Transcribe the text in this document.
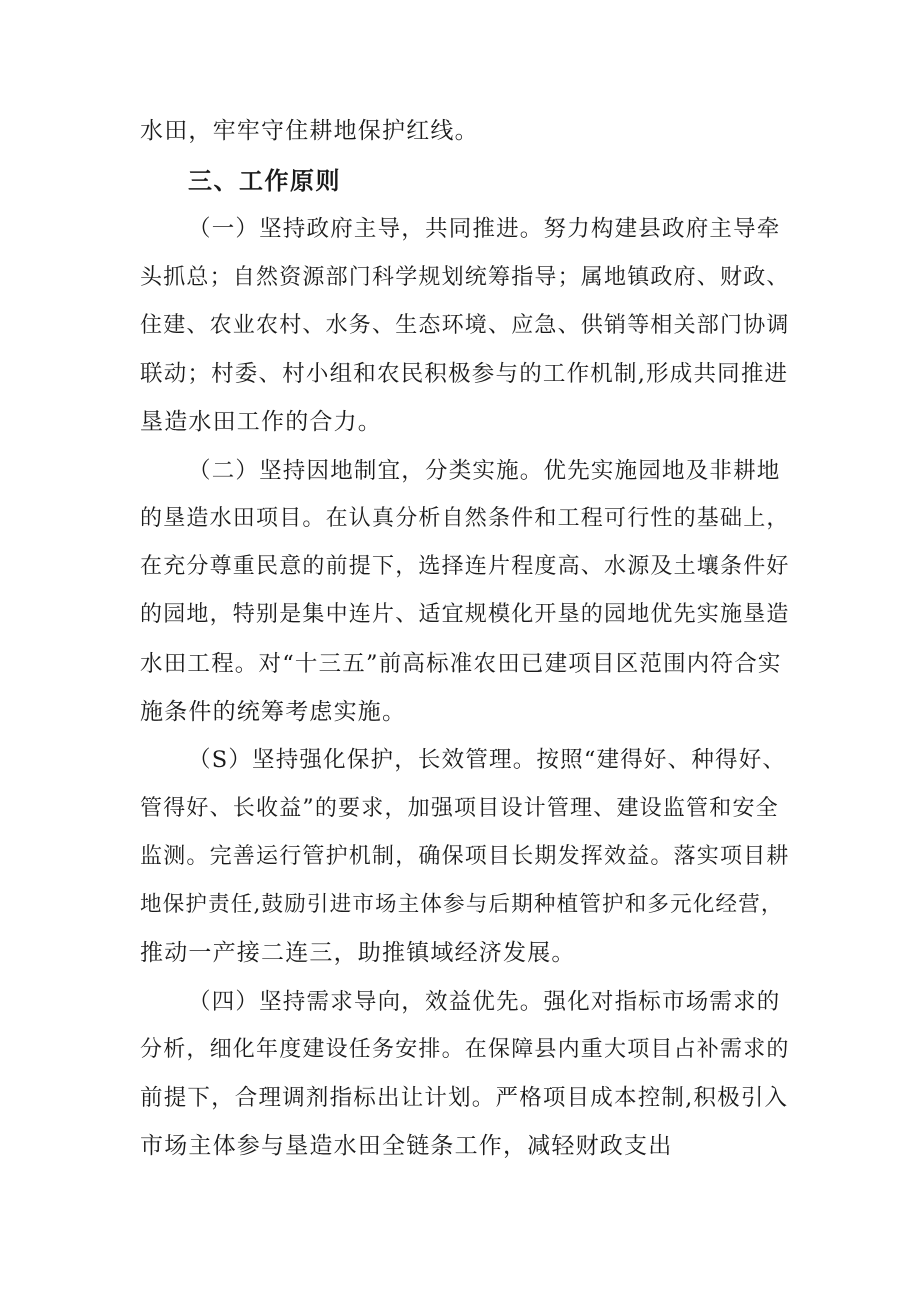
水田，牢牢守住耕地保护红线。
三、工作原则
（一）坚持政府主导，共同推进。努力构建县政府主导牵
头抓总；自然资源部门科学规划统筹指导；属地镇政府、财政、
住建、农业农村、水务、生态环境、应急、供销等相关部门协调
联动；村委、村小组和农民积极参与的工作机制,形成共同推进
垦造水田工作的合力。
（二）坚持因地制宜，分类实施。优先实施园地及非耕地
的垦造水田项目。在认真分析自然条件和工程可行性的基础上，
在充分尊重民意的前提下，选择连片程度高、水源及土壤条件好
的园地，特别是集中连片、适宜规模化开垦的园地优先实施垦造
水田工程。对“十三五”前高标准农田已建项目区范围内符合实
施条件的统筹考虑实施。
（S）坚持强化保护，长效管理。按照“建得好、种得好、
管得好、长收益”的要求，加强项目设计管理、建设监管和安全
监测。完善运行管护机制，确保项目长期发挥效益。落实项目耕
地保护责任,鼓励引进市场主体参与后期种植管护和多元化经营，
推动一产接二连三，助推镇域经济发展。
（四）坚持需求导向，效益优先。强化对指标市场需求的
分析，细化年度建设任务安排。在保障县内重大项目占补需求的
前提下，合理调剂指标出让计划。严格项目成本控制,积极引入
市场主体参与垦造水田全链条工作，减轻财政支出
